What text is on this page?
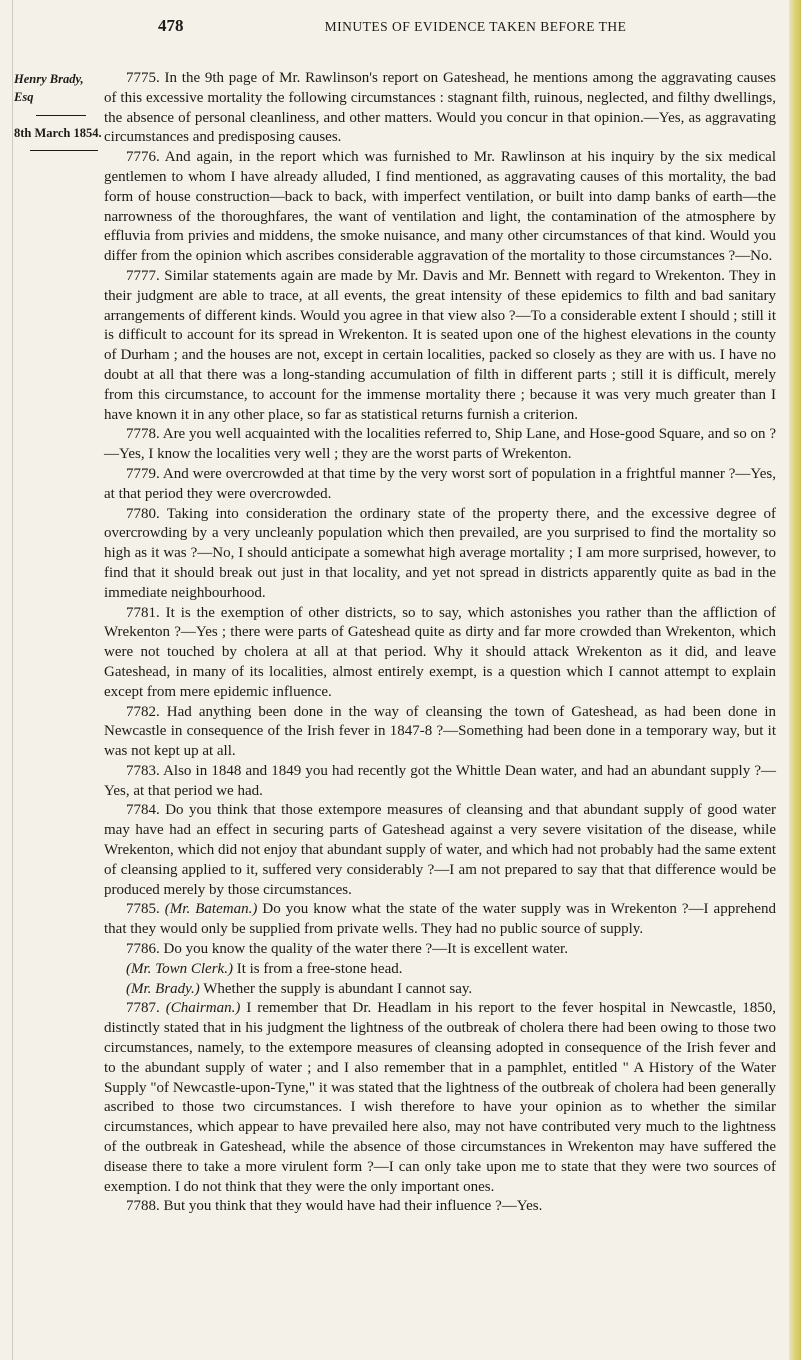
478	MINUTES OF EVIDENCE TAKEN BEFORE THE
Henry Brady, Esq
8th March 1854.

7775. In the 9th page of Mr. Rawlinson's report on Gateshead, he mentions among the aggravating causes of this excessive mortality the following circumstances : stagnant filth, ruinous, neglected, and filthy dwellings, the absence of personal cleanliness, and other matters. Would you concur in that opinion.—Yes, as aggravating circumstances and predisposing causes.

7776. And again, in the report which was furnished to Mr. Rawlinson at his inquiry by the six medical gentlemen to whom I have already alluded, I find mentioned, as aggravating causes of this mortality, the bad form of house construction—back to back, with imperfect ventilation, or built into damp banks of earth—the narrowness of the thoroughfares, the want of ventilation and light, the contamination of the atmosphere by effluvia from privies and middens, the smoke nuisance, and many other circumstances of that kind. Would you differ from the opinion which ascribes considerable aggravation of the mortality to those circumstances ?—No.

7777. Similar statements again are made by Mr. Davis and Mr. Bennett with regard to Wrekenton. They in their judgment are able to trace, at all events, the great intensity of these epidemics to filth and bad sanitary arrangements of different kinds. Would you agree in that view also ?—To a considerable extent I should ; still it is difficult to account for its spread in Wrekenton. It is seated upon one of the highest elevations in the county of Durham ; and the houses are not, except in certain localities, packed so closely as they are with us. I have no doubt at all that there was a long-standing accumulation of filth in different parts ; still it is difficult, merely from this circumstance, to account for the immense mortality there ; because it was very much greater than I have known it in any other place, so far as statistical returns furnish a criterion.

7778. Are you well acquainted with the localities referred to, Ship Lane, and Hose-good Square, and so on ?—Yes, I know the localities very well ; they are the worst parts of Wrekenton.

7779. And were overcrowded at that time by the very worst sort of population in a frightful manner ?—Yes, at that period they were overcrowded.

7780. Taking into consideration the ordinary state of the property there, and the excessive degree of overcrowding by a very uncleanly population which then prevailed, are you surprised to find the mortality so high as it was ?—No, I should anticipate a somewhat high average mortality ; I am more surprised, however, to find that it should break out just in that locality, and yet not spread in districts apparently quite as bad in the immediate neighbourhood.

7781. It is the exemption of other districts, so to say, which astonishes you rather than the affliction of Wrekenton ?—Yes ; there were parts of Gateshead quite as dirty and far more crowded than Wrekenton, which were not touched by cholera at all at that period. Why it should attack Wrekenton as it did, and leave Gateshead, in many of its localities, almost entirely exempt, is a question which I cannot attempt to explain except from mere epidemic influence.

7782. Had anything been done in the way of cleansing the town of Gateshead, as had been done in Newcastle in consequence of the Irish fever in 1847-8 ?—Something had been done in a temporary way, but it was not kept up at all.

7783. Also in 1848 and 1849 you had recently got the Whittle Dean water, and had an abundant supply ?—Yes, at that period we had.

7784. Do you think that those extempore measures of cleansing and that abundant supply of good water may have had an effect in securing parts of Gateshead against a very severe visitation of the disease, while Wrekenton, which did not enjoy that abundant supply of water, and which had not probably had the same extent of cleansing applied to it, suffered very considerably ?—I am not prepared to say that that difference would be produced merely by those circumstances.

7785. (Mr. Bateman.) Do you know what the state of the water supply was in Wrekenton ?—I apprehend that they would only be supplied from private wells. They had no public source of supply.

7786. Do you know the quality of the water there ?—It is excellent water.

(Mr. Town Clerk.) It is from a free-stone head.

(Mr. Brady.) Whether the supply is abundant I cannot say.

7787. (Chairman.) I remember that Dr. Headlam in his report to the fever hospital in Newcastle, 1850, distinctly stated that in his judgment the lightness of the outbreak of cholera there had been owing to those two circumstances, namely, to the extempore measures of cleansing adopted in consequence of the Irish fever and to the abundant supply of water ; and I also remember that in a pamphlet, entitled " A History of the Water Supply "of Newcastle-upon-Tyne," it was stated that the lightness of the outbreak of cholera had been generally ascribed to those two circumstances. I wish therefore to have your opinion as to whether the similar circumstances, which appear to have prevailed here also, may not have contributed very much to the lightness of the outbreak in Gateshead, while the absence of those circumstances in Wrekenton may have suffered the disease there to take a more virulent form ?—I can only take upon me to state that they were two sources of exemption. I do not think that they were the only important ones.

7788. But you think that they would have had their influence ?—Yes.
